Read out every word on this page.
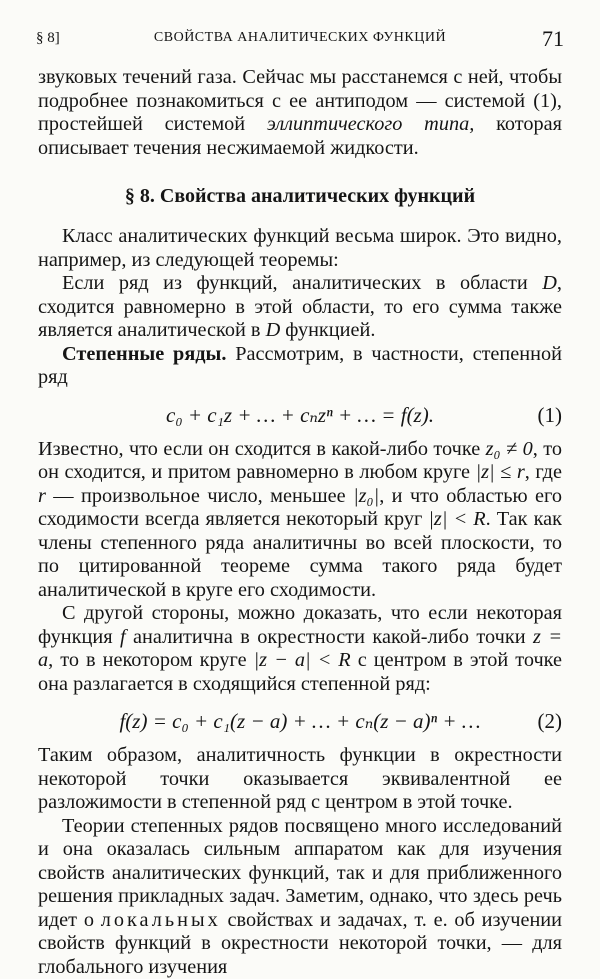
§ 8]	СВОЙСТВА АНАЛИТИЧЕСКИХ ФУНКЦИЙ	71

звуковых течений газа. Сейчас мы расстанемся с ней, чтобы подробнее познакомиться с ее антиподом — системой (1), простейшей системой эллиптического типа, которая описывает течения несжимаемой жидкости.

§ 8. Свойства аналитических функций

Класс аналитических функций весьма широк. Это видно, например, из следующей теоремы:

Если ряд из функций, аналитических в области D, сходится равномерно в этой области, то его сумма также является аналитической в D функцией.

Степенные ряды. Рассмотрим, в частности, степенной ряд

c₀ + c₁z + … + cₙzⁿ + … = f(z).	(1)

Известно, что если он сходится в какой-либо точке z₀ ≠ 0, то он сходится, и притом равномерно в любом круге |z| ≤ r, где r — произвольное число, меньшее |z₀|, и что областью его сходимости всегда является некоторый круг |z| < R. Так как члены степенного ряда аналитичны во всей плоскости, то по цитированной теореме сумма такого ряда будет аналитической в круге его сходимости.

С другой стороны, можно доказать, что если некоторая функция f аналитична в окрестности какой-либо точки z = a, то в некотором круге |z − a| < R с центром в этой точке она разлагается в сходящийся степенной ряд:

f(z) = c₀ + c₁(z − a) + … + cₙ(z − a)ⁿ + …	(2)

Таким образом, аналитичность функции в окрестности некоторой точки оказывается эквивалентной ее разложимости в степенной ряд с центром в этой точке.

Теории степенных рядов посвящено много исследований и она оказалась сильным аппаратом как для изучения свойств аналитических функций, так и для приближенного решения прикладных задач. Заметим, однако, что здесь речь идет о локальных свойствах и задачах, т. е. об изучении свойств функций в окрестности некоторой точки, — для глобального изучения
